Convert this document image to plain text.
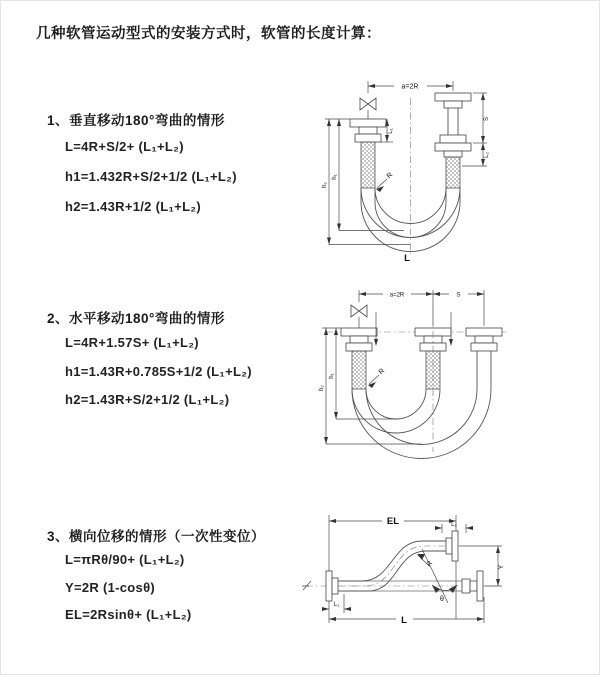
几种软管运动型式的安装方式时，软管的长度计算：
1、垂直移动180°弯曲的情形
L=4R+S/2+ (L₁+L₂)
h1=1.432R+S/2+1/2 (L₁+L₂)
h2=1.43R+1/2 (L₁+L₂)
2、水平移动180°弯曲的情形
L=4R+1.57S+ (L₁+L₂)
h1=1.43R+0.785S+1/2 (L₁+L₂)
h2=1.43R+S/2+1/2 (L₁+L₂)
3、横向位移的情形（一次性变位）
L=πRθ/90+ (L₁+L₂)
Y=2R (1-cosθ)
EL=2Rsinθ+ (L₁+L₂)
a=2R
h₂
h₁
L₁
S
L₂
R
L
a=2R	S
h₂
h₁	R
EL	L₂
R
θ
Y
L₁
L
